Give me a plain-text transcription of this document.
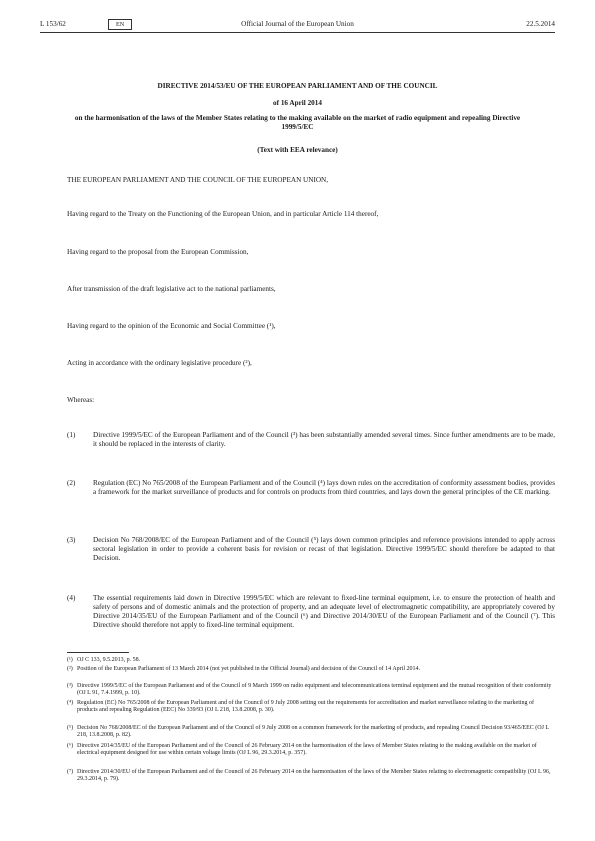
L 153/62	EN	Official Journal of the European Union	22.5.2014
DIRECTIVE 2014/53/EU OF THE EUROPEAN PARLIAMENT AND OF THE COUNCIL
of 16 April 2014
on the harmonisation of the laws of the Member States relating to the making available on the market of radio equipment and repealing Directive 1999/5/EC
(Text with EEA relevance)
THE EUROPEAN PARLIAMENT AND THE COUNCIL OF THE EUROPEAN UNION,
Having regard to the Treaty on the Functioning of the European Union, and in particular Article 114 thereof,
Having regard to the proposal from the European Commission,
After transmission of the draft legislative act to the national parliaments,
Having regard to the opinion of the Economic and Social Committee (¹),
Acting in accordance with the ordinary legislative procedure (²),
Whereas:
(1) Directive 1999/5/EC of the European Parliament and of the Council (³) has been substantially amended several times. Since further amendments are to be made, it should be replaced in the interests of clarity.
(2) Regulation (EC) No 765/2008 of the European Parliament and of the Council (⁴) lays down rules on the accreditation of conformity assessment bodies, provides a framework for the market surveillance of products and for controls on products from third countries, and lays down the general principles of the CE marking.
(3) Decision No 768/2008/EC of the European Parliament and of the Council (⁵) lays down common principles and reference provisions intended to apply across sectoral legislation in order to provide a coherent basis for revision or recast of that legislation. Directive 1999/5/EC should therefore be adapted to that Decision.
(4) The essential requirements laid down in Directive 1999/5/EC which are relevant to fixed-line terminal equipment, i.e. to ensure the protection of health and safety of persons and of domestic animals and the protection of property, and an adequate level of electromagnetic compatibility, are appropriately covered by Directive 2014/35/EU of the European Parliament and of the Council (⁶) and Directive 2014/30/EU of the European Parliament and of the Council (⁷). This Directive should therefore not apply to fixed-line terminal equipment.
(¹) OJ C 133, 9.5.2013, p. 58.
(²) Position of the European Parliament of 13 March 2014 (not yet published in the Official Journal) and decision of the Council of 14 April 2014.
(³) Directive 1999/5/EC of the European Parliament and of the Council of 9 March 1999 on radio equipment and telecommunications terminal equipment and the mutual recognition of their conformity (OJ L 91, 7.4.1999, p. 10).
(⁴) Regulation (EC) No 765/2008 of the European Parliament and of the Council of 9 July 2008 setting out the requirements for accreditation and market surveillance relating to the marketing of products and repealing Regulation (EEC) No 339/93 (OJ L 218, 13.8.2008, p. 30).
(⁵) Decision No 768/2008/EC of the European Parliament and of the Council of 9 July 2008 on a common framework for the marketing of products, and repealing Council Decision 93/465/EEC (OJ L 218, 13.8.2008, p. 82).
(⁶) Directive 2014/35/EU of the European Parliament and of the Council of 26 February 2014 on the harmonisation of the laws of Member States relating to the making available on the market of electrical equipment designed for use within certain voltage limits (OJ L 96, 29.3.2014, p. 357).
(⁷) Directive 2014/30/EU of the European Parliament and of the Council of 26 February 2014 on the harmonisation of the laws of the Member States relating to electromagnetic compatibility (OJ L 96, 29.3.2014, p. 79).
